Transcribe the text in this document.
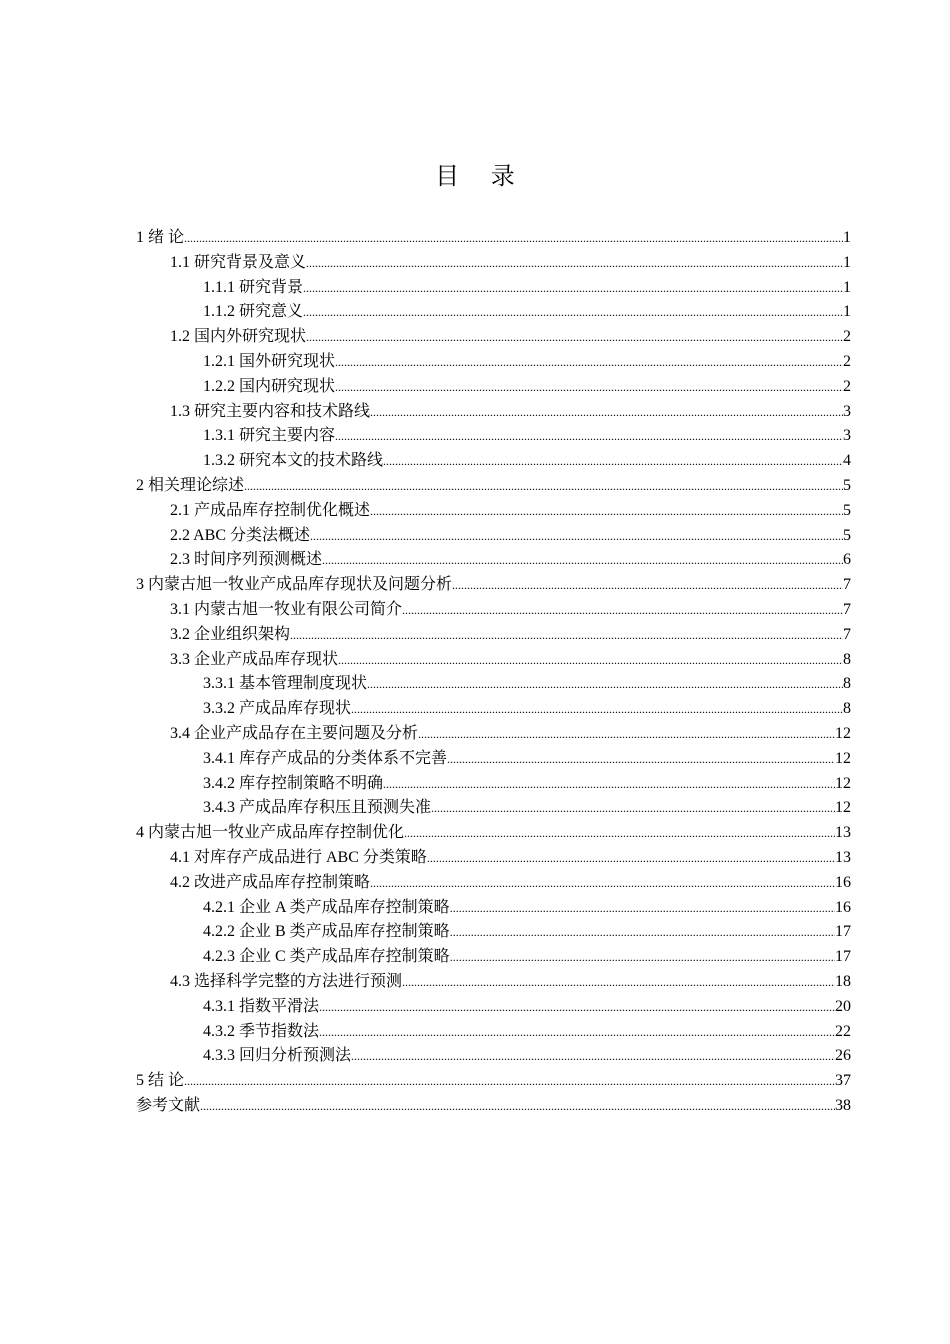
目 录
1 绪 论 .....	1
1.1 研究背景及意义 .....	1
1.1.1 研究背景 .....	1
1.1.2 研究意义 .....	1
1.2 国内外研究现状 .....	2
1.2.1 国外研究现状 .....	2
1.2.2 国内研究现状 .....	2
1.3 研究主要内容和技术路线 .....	3
1.3.1 研究主要内容 .....	3
1.3.2 研究本文的技术路线 .....	4
2 相关理论综述 .....	5
2.1 产成品库存控制优化概述 .....	5
2.2 ABC 分类法概述 .....	5
2.3 时间序列预测概述 .....	6
3 内蒙古旭一牧业产成品库存现状及问题分析 .....	7
3.1 内蒙古旭一牧业有限公司简介 .....	7
3.2 企业组织架构 .....	7
3.3 企业产成品库存现状 .....	8
3.3.1 基本管理制度现状 .....	8
3.3.2 产成品库存现状 .....	8
3.4 企业产成品存在主要问题及分析 .....	12
3.4.1 库存产成品的分类体系不完善 .....	12
3.4.2 库存控制策略不明确 .....	12
3.4.3 产成品库存积压且预测失准 .....	12
4 内蒙古旭一牧业产成品库存控制优化 .....	13
4.1 对库存产成品进行 ABC 分类策略 .....	13
4.2 改进产成品库存控制策略 .....	16
4.2.1 企业 A 类产成品库存控制策略 .....	16
4.2.2 企业 B 类产成品库存控制策略 .....	17
4.2.3 企业 C 类产成品库存控制策略 .....	17
4.3 选择科学完整的方法进行预测 .....	18
4.3.1 指数平滑法 .....	20
4.3.2 季节指数法 .....	22
4.3.3 回归分析预测法 .....	26
5 结 论 .....	37
参考文献 .....	38
